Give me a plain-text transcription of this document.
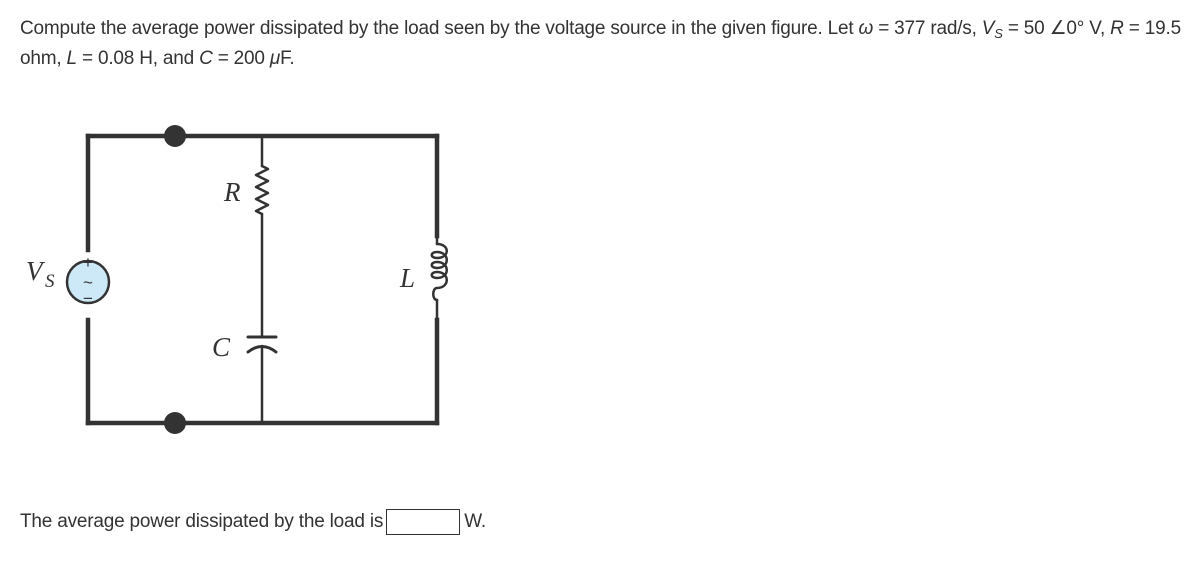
Compute the average power dissipated by the load seen by the voltage source in the given figure. Let ω = 377 rad/s, $V_S = 50$ ∠0° V, R = 19.5 ohm, L = 0.08 H, and C = 200 μF.
+
~
−
V S
R
C
L
The average power dissipated by the load is	W.
